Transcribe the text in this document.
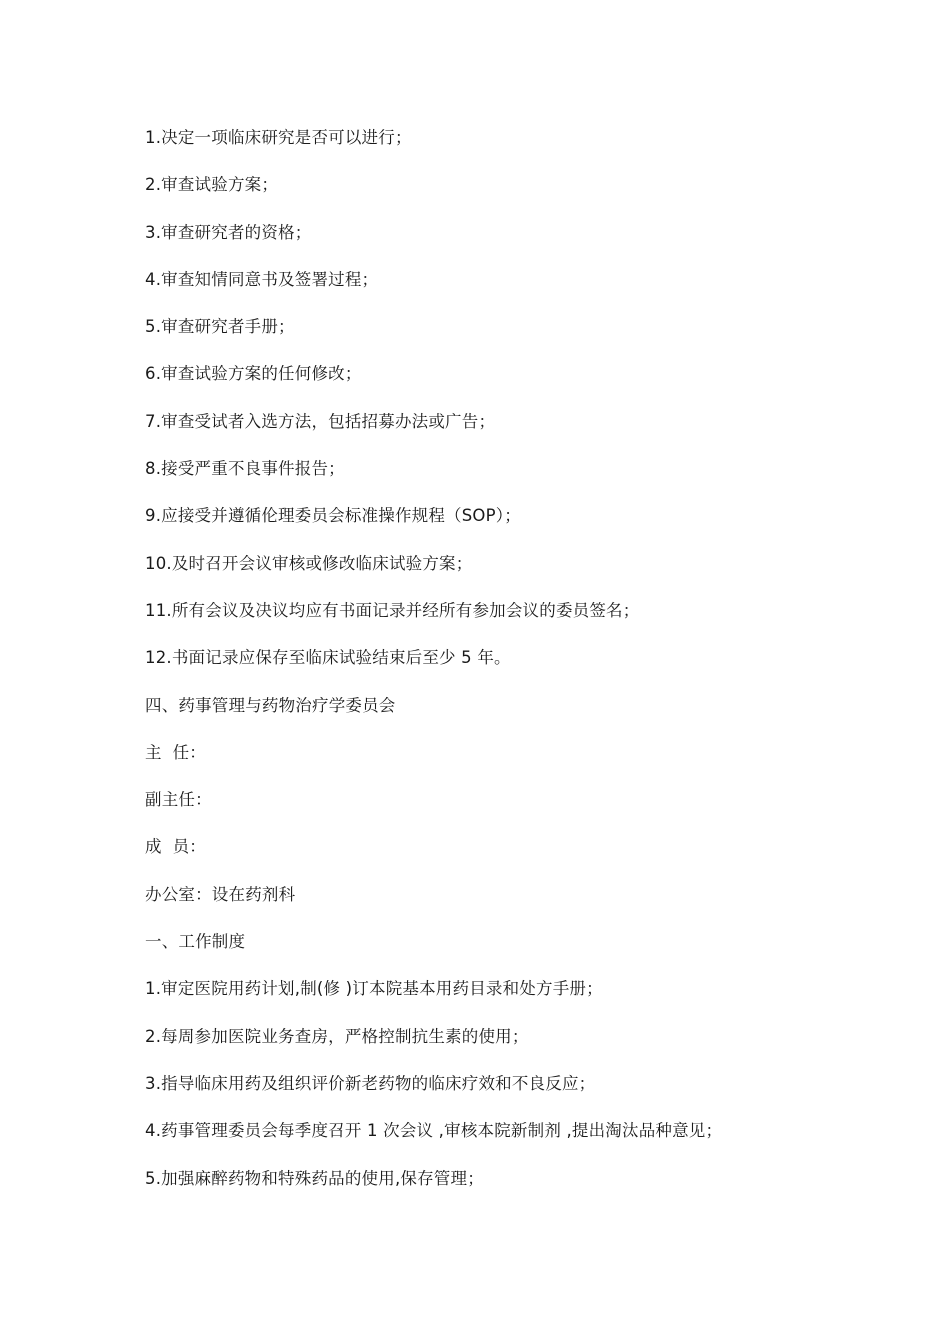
1.决定一项临床研究是否可以进行；
2.审查试验方案；
3.审查研究者的资格；
4.审查知情同意书及签署过程；
5.审查研究者手册；
6.审查试验方案的任何修改；
7.审查受试者入选方法，包括招募办法或广告；
8.接受严重不良事件报告；
9.应接受并遵循伦理委员会标准操作规程（SOP）；
10.及时召开会议审核或修改临床试验方案；
11.所有会议及决议均应有书面记录并经所有参加会议的委员签名；
12.书面记录应保存至临床试验结束后至少 5 年。
四、药事管理与药物治疗学委员会
主  任：
副主任：
成  员：
办公室：设在药剂科
一、工作制度
1.审定医院用药计划,制(修 )订本院基本用药目录和处方手册；
2.每周参加医院业务查房，严格控制抗生素的使用；
3.指导临床用药及组织评价新老药物的临床疗效和不良反应；
4.药事管理委员会每季度召开 1 次会议 ,审核本院新制剂 ,提出淘汰品种意见；
5.加强麻醉药物和特殊药品的使用,保存管理；
